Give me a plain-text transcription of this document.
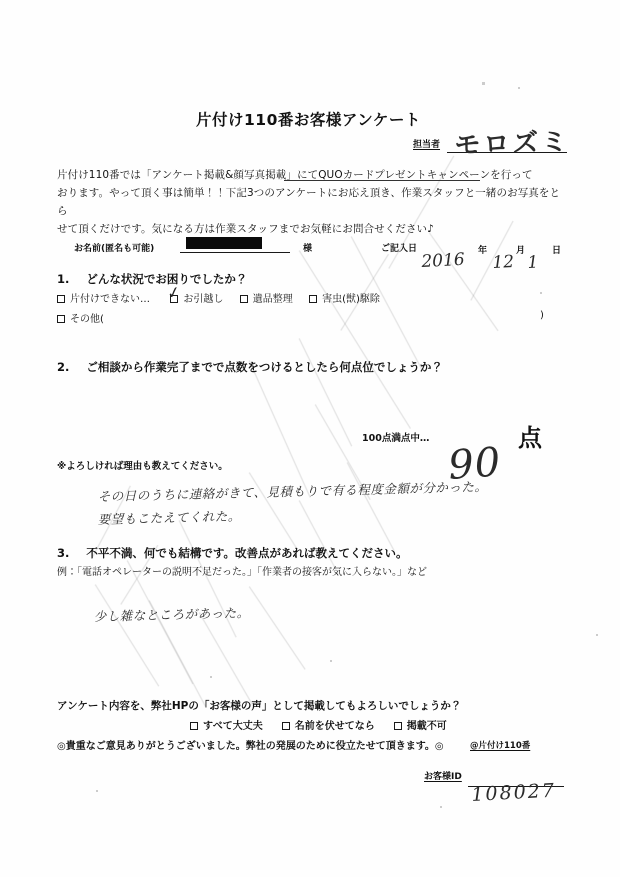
片付け110番お客様アンケート
担当者 モロズミ
片付け110番では「アンケート掲載&顔写真掲載」にてQUOカードプレゼントキャンペーンを行って
おります。やって頂く事は簡単！！下記3つのアンケートにお応え頂き、作業スタッフと一緒のお写真をとら
せて頂くだけです。気になる方は作業スタッフまでお気軽にお問合せください♪
お名前(匿名も可能)	様	ご記入日
2016 年
12
月
1
日
1. どんな状況でお困りでしたか？
片付けできない…	お引越し	遺品整理	害虫(獣)駆除
✓
その他(	)
2. ご相談から作業完了までで点数をつけるとしたら何点位でしょうか？
100点満点中…
90
点
※よろしければ理由も教えてください。
その日のうちに連絡がきて、見積もりで有る程度金額が分かった。
要望もこたえてくれた。
3. 不平不満、何でも結構です。改善点があれば教えてください。
例：「電話オペレーターの説明不足だった。」「作業者の接客が気に入らない。」など
少し雑なところがあった。
アンケート内容を、弊社HPの「お客様の声」として掲載してもよろしいでしょうか？
すべて大丈夫	名前を伏せてなら	掲載不可
◎貴重なご意見ありがとうございました。弊社の発展のために役立たせて頂きます。◎	@片付け110番
お客様ID
108027
